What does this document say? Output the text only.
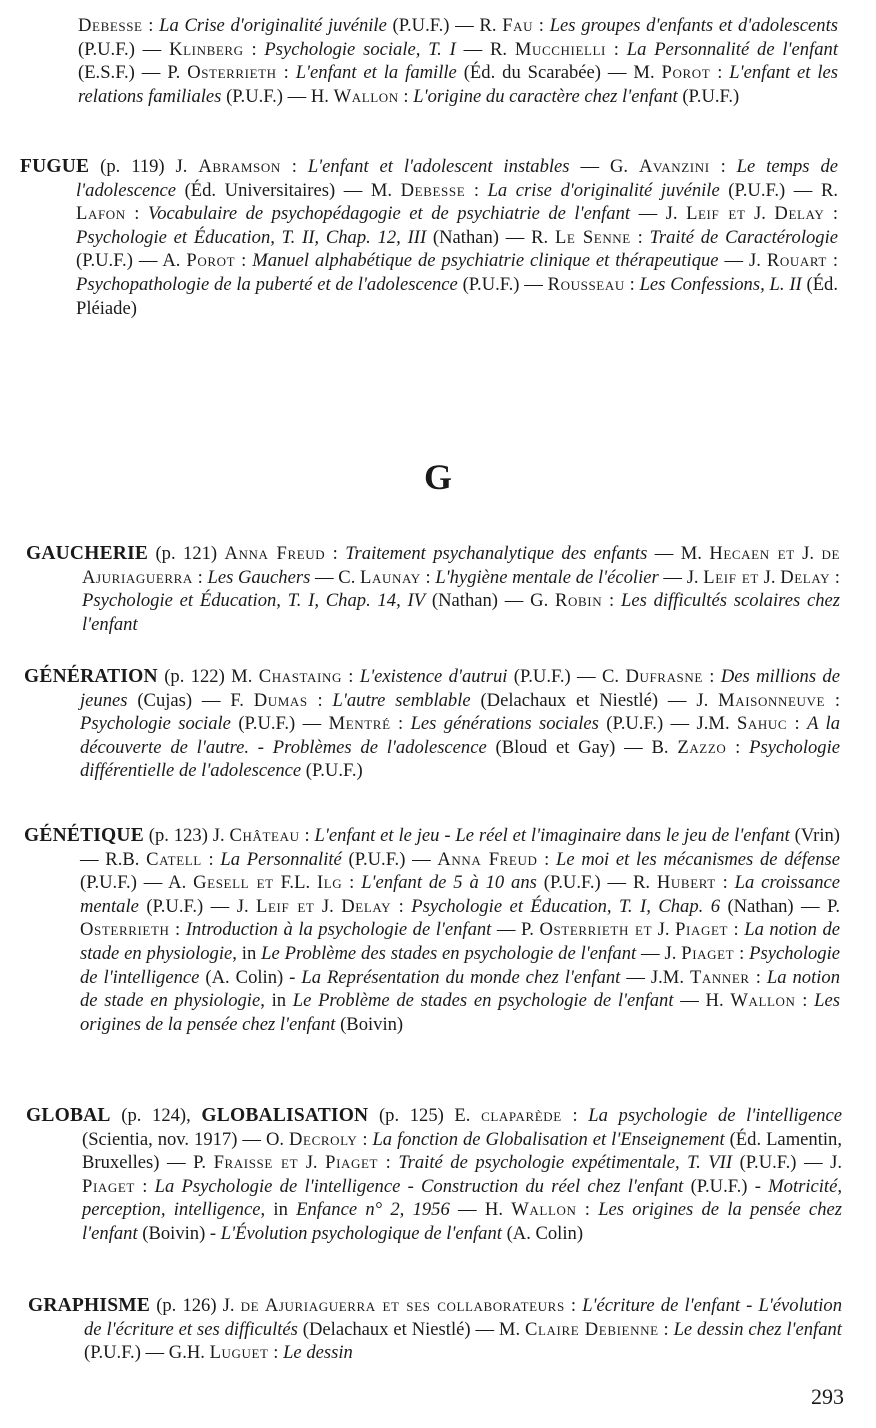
Debesse : La Crise d'originalité juvénile (P.U.F.) — R. Fau : Les groupes d'enfants et d'adolescents (P.U.F.) — Klinberg : Psychologie sociale, T. I — R. Mucchielli : La Personnalité de l'enfant (E.S.F.) — P. Osterrieth : L'enfant et la famille (Éd. du Scarabée) — M. Porot : L'enfant et les relations familiales (P.U.F.) — H. Wallon : L'origine du caractère chez l'enfant (P.U.F.)
FUGUE (p. 119) J. Abramson : L'enfant et l'adolescent instables — G. Avanzini : Le temps de l'adolescence (Éd. Universitaires) — M. Debesse : La crise d'originalité juvénile (P.U.F.) — R. Lafon : Vocabulaire de psychopédagogie et de psychiatrie de l'enfant — J. Leif et J. Delay : Psychologie et Éducation, T. II, Chap. 12, III (Nathan) — R. Le Senne : Traité de Caractérologie (P.U.F.) — A. Porot : Manuel alphabétique de psychiatrie clinique et thérapeutique — J. Rouart : Psychopathologie de la puberté et de l'adolescence (P.U.F.) — Rousseau : Les Confessions, L. II (Éd. Pléiade)
G
GAUCHERIE (p. 121) Anna Freud : Traitement psychanalytique des enfants — M. Hecaen et J. de Ajuriaguerra : Les Gauchers — C. Launay : L'hygiène mentale de l'écolier — J. Leif et J. Delay : Psychologie et Éducation, T. I, Chap. 14, IV (Nathan) — G. Robin : Les difficultés scolaires chez l'enfant
GÉNÉRATION (p. 122) M. Chastaing : L'existence d'autrui (P.U.F.) — C. Dufrasne : Des millions de jeunes (Cujas) — F. Dumas : L'autre semblable (Delachaux et Niestlé) — J. Maisonneuve : Psychologie sociale (P.U.F.) — Mentré : Les générations sociales (P.U.F.) — J.M. Sahuc : A la découverte de l'autre. - Problèmes de l'adolescence (Bloud et Gay) — B. Zazzo : Psychologie différentielle de l'adolescence (P.U.F.)
GÉNÉTIQUE (p. 123) J. Château : L'enfant et le jeu - Le réel et l'imaginaire dans le jeu de l'enfant (Vrin) — R.B. Catell : La Personnalité (P.U.F.) — Anna Freud : Le moi et les mécanismes de défense (P.U.F.) — A. Gesell et F.L. Ilg : L'enfant de 5 à 10 ans (P.U.F.) — R. Hubert : La croissance mentale (P.U.F.) — J. Leif et J. Delay : Psychologie et Éducation, T. I, Chap. 6 (Nathan) — P. Osterrieth : Introduction à la psychologie de l'enfant — P. Osterrieth et J. Piaget : La notion de stade en physiologie, in Le Problème des stades en psychologie de l'enfant — J. Piaget : Psychologie de l'intelligence (A. Colin) - La Représentation du monde chez l'enfant — J.M. Tanner : La notion de stade en physiologie, in Le Problème de stades en psychologie de l'enfant — H. Wallon : Les origines de la pensée chez l'enfant (Boivin)
GLOBAL (p. 124), GLOBALISATION (p. 125) E. claparède : La psychologie de l'intelligence (Scientia, nov. 1917) — O. Decroly : La fonction de Globalisation et l'Enseignement (Éd. Lamentin, Bruxelles) — P. Fraisse et J. Piaget : Traité de psychologie expétimentale, T. VII (P.U.F.) — J. Piaget : La Psychologie de l'intelligence - Construction du réel chez l'enfant (P.U.F.) - Motricité, perception, intelligence, in Enfance n° 2, 1956 — H. Wallon : Les origines de la pensée chez l'enfant (Boivin) - L'Évolution psychologique de l'enfant (A. Colin)
GRAPHISME (p. 126) J. de Ajuriaguerra et ses collaborateurs : L'écriture de l'enfant - L'évolution de l'écriture et ses difficultés (Delachaux et Niestlé) — M. Claire Debienne : Le dessin chez l'enfant (P.U.F.) — G.H. Luguet : Le dessin
293
